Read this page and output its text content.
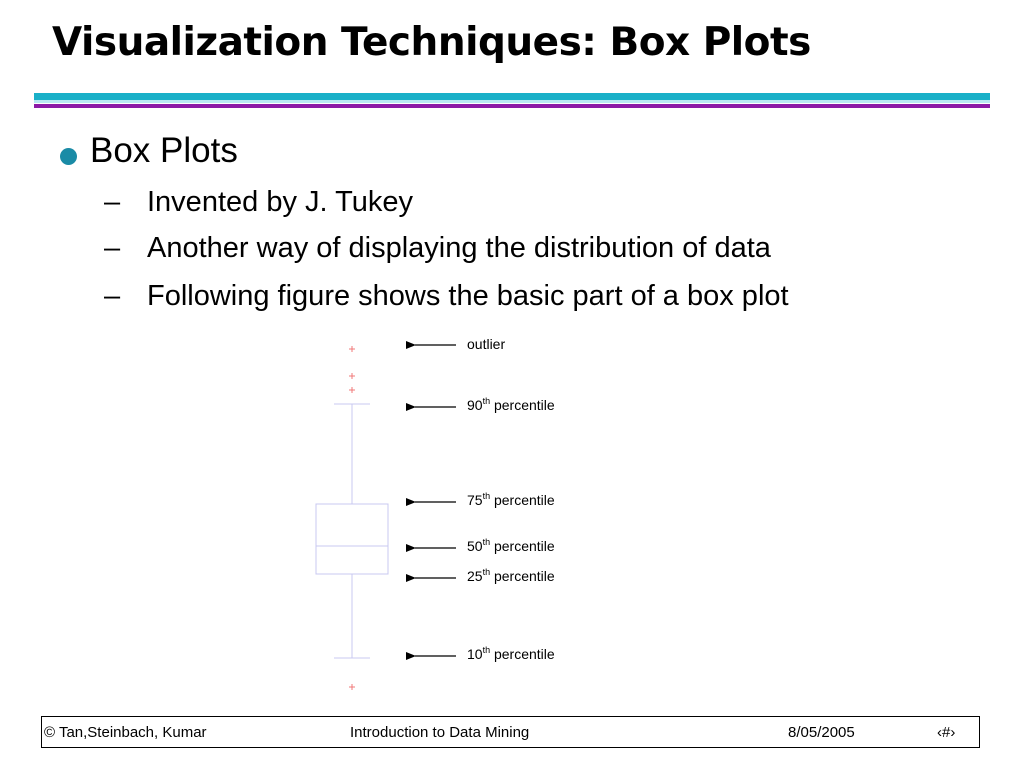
Visualization Techniques: Box Plots
Box Plots
– Invented by J. Tukey
– Another way of displaying the distribution of data
– Following figure shows the basic part of a box plot
outlier
90th percentile
75th percentile
50th percentile
25th percentile
10th percentile
© Tan,Steinbach, Kumar	Introduction to Data Mining	8/05/2005	‹#›
